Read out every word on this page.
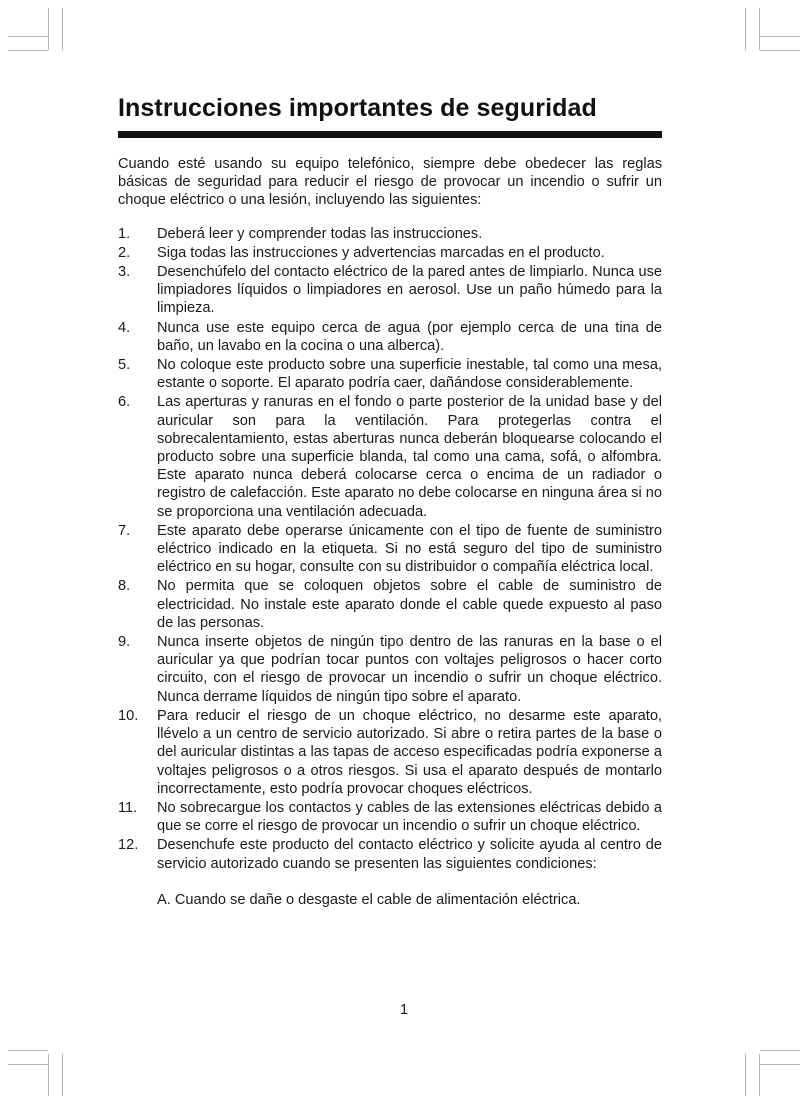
Instrucciones importantes de seguridad

Cuando esté usando su equipo telefónico, siempre debe obedecer las reglas básicas de seguridad para reducir el riesgo de provocar un incendio o sufrir un choque eléctrico o una lesión, incluyendo las siguientes:

1. Deberá leer y comprender todas las instrucciones.
2. Siga todas las instrucciones y advertencias marcadas en el producto.
3. Desenchúfelo del contacto eléctrico de la pared antes de limpiarlo. Nunca use limpiadores líquidos o limpiadores en aerosol. Use un paño húmedo para la limpieza.
4. Nunca use este equipo cerca de agua (por ejemplo cerca de una tina de baño, un lavabo en la cocina o una alberca).
5. No coloque este producto sobre una superficie inestable, tal como una mesa, estante o soporte. El aparato podría caer, dañándose considerablemente.
6. Las aperturas y ranuras en el fondo o parte posterior de la unidad base y del auricular son para la ventilación. Para protegerlas contra el sobrecalentamiento, estas aberturas nunca deberán bloquearse colocando el producto sobre una superficie blanda, tal como una cama, sofá, o alfombra. Este aparato nunca deberá colocarse cerca o encima de un radiador o registro de calefacción. Este aparato no debe colocarse en ninguna área si no se proporciona una ventilación adecuada.
7. Este aparato debe operarse únicamente con el tipo de fuente de suministro eléctrico indicado en la etiqueta. Si no está seguro del tipo de suministro eléctrico en su hogar, consulte con su distribuidor o compañía eléctrica local.
8. No permita que se coloquen objetos sobre el cable de suministro de electricidad. No instale este aparato donde el cable quede expuesto al paso de las personas.
9. Nunca inserte objetos de ningún tipo dentro de las ranuras en la base o el auricular ya que podrían tocar puntos con voltajes peligrosos o hacer corto circuito, con el riesgo de provocar un incendio o sufrir un choque eléctrico. Nunca derrame líquidos de ningún tipo sobre el aparato.
10. Para reducir el riesgo de un choque eléctrico, no desarme este aparato, llévelo a un centro de servicio autorizado. Si abre o retira partes de la base o del auricular distintas a las tapas de acceso especificadas podría exponerse a voltajes peligrosos o a otros riesgos. Si usa el aparato después de montarlo incorrectamente, esto podría provocar choques eléctricos.
11. No sobrecargue los contactos y cables de las extensiones eléctricas debido a que se corre el riesgo de provocar un incendio o sufrir un choque eléctrico.
12. Desenchufe este producto del contacto eléctrico y solicite ayuda al centro de servicio autorizado cuando se presenten las siguientes condiciones:
A. Cuando se dañe o desgaste el cable de alimentación eléctrica.
1
